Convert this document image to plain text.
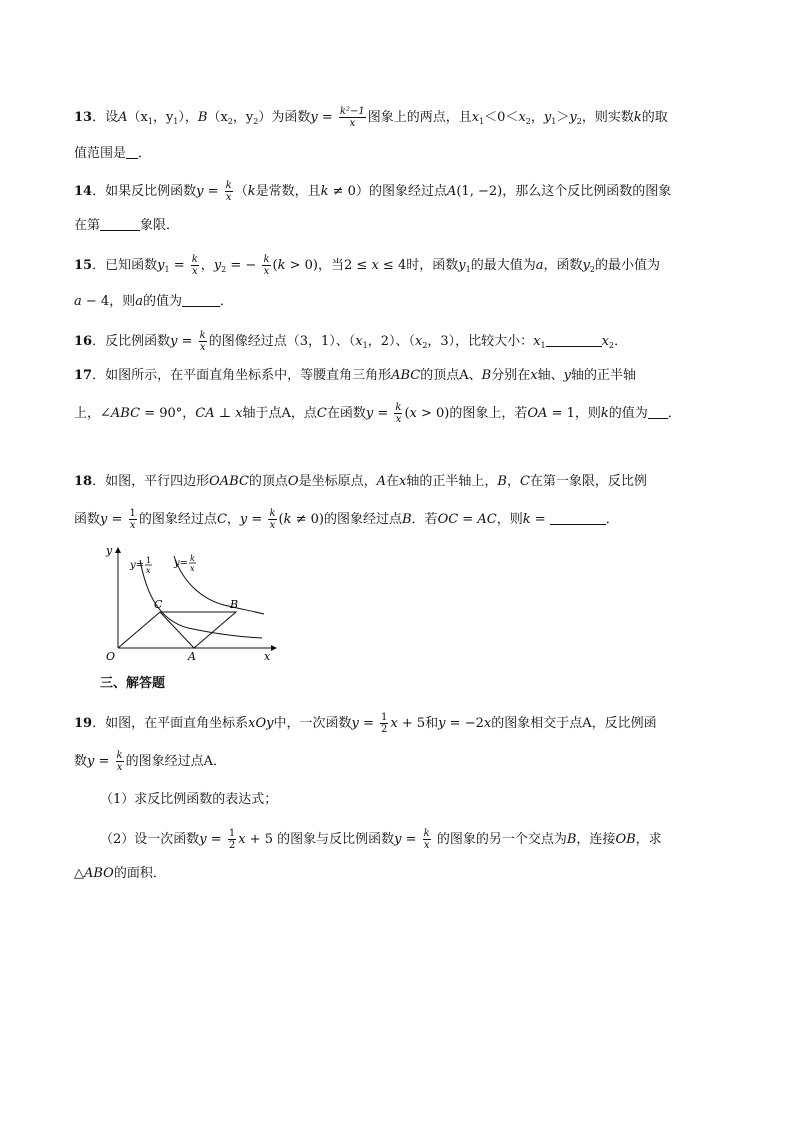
13．设$A(x_1$，$y_1$），$B(x_2$，$y_2$）为函数$y = \frac{\text{k²−1}}{x}$ 图象上的两点，且$x_1<0<x_2$，$y_1>y_2$，则实数k的取
值范围是 ．
14．如果反比例函数$y = \frac{k}{x} (k$是常数，且k ≠ 0）的图象经过点A(1, −2)，那么这个反比例函数的图象
在第	象限．
15．已知函数$y_1 = \frac{k}{x}$ ，$y_2$ = − $\frac{k}{x} (k > 0)$，当2 ≤ x ≤ 4时，函数$y_1$的最大值为a，函数$y_2$的最小值为
a − 4，则a的值为	．
16．反比例函数$y = \frac{k}{x}$ 的图像经过点（3，1）、（$x_1$，2）、（$x_2$，3），比较大小：$x_1$	$x_2$．
17．如图所示，在平面直角坐标系中，等腰直角三角形ABC的顶点A、B分别在x轴、y轴的正半轴
上，∠ABC = 90°，CA ⊥ x轴于点A，点C在函数$y = \frac{k}{x} (x > 0)$的图象上，若OA = 1，则k的值为 ．
18．如图，平行四边形OABC的顶点O是坐标原点，A在x轴的正半轴上，B，C在第一象限，反比例
函数$y = \frac{1}{x}$ 的图象经过点C，$y = \frac{k}{x} (k \ne 0)$的图象经过点B．若OC = AC，则k =	．
y
x
O	A
B
C
y= 1
x
y= k
x
三、解答题
19．如图，在平面直角坐标系xOy中，一次函数$y = \frac{1}{2}$ x + 5和y = −2x的图象相交于点A，反比例函
数$y = \frac{k}{x}$ 的图象经过点A．
（1）求反比例函数的表达式；
（2）设一次函数$y = \frac{1}{2}$ x + 5 的图象与反比例函数$y = \frac{k}{x}$ 的图象的另一个交点为B，连接OB，求
△ABO的面积．
